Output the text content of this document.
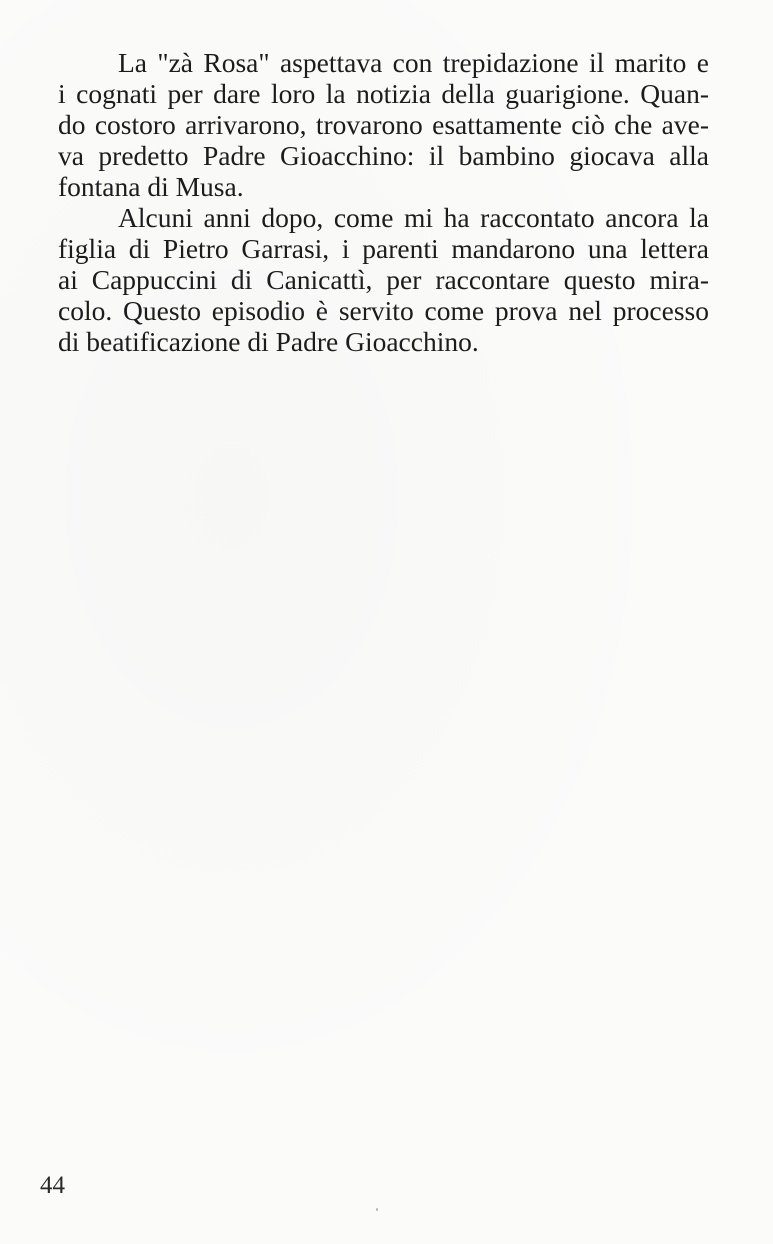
La "zà Rosa" aspettava con trepidazione il marito e
i cognati per dare loro la notizia della guarigione. Quan-
do costoro arrivarono, trovarono esattamente ciò che ave-
va predetto Padre Gioacchino: il bambino giocava alla
fontana di Musa.
Alcuni anni dopo, come mi ha raccontato ancora la
figlia di Pietro Garrasi, i parenti mandarono una lettera
ai Cappuccini di Canicattì, per raccontare questo mira-
colo. Questo episodio è servito come prova nel processo
di beatificazione di Padre Gioacchino.
44
